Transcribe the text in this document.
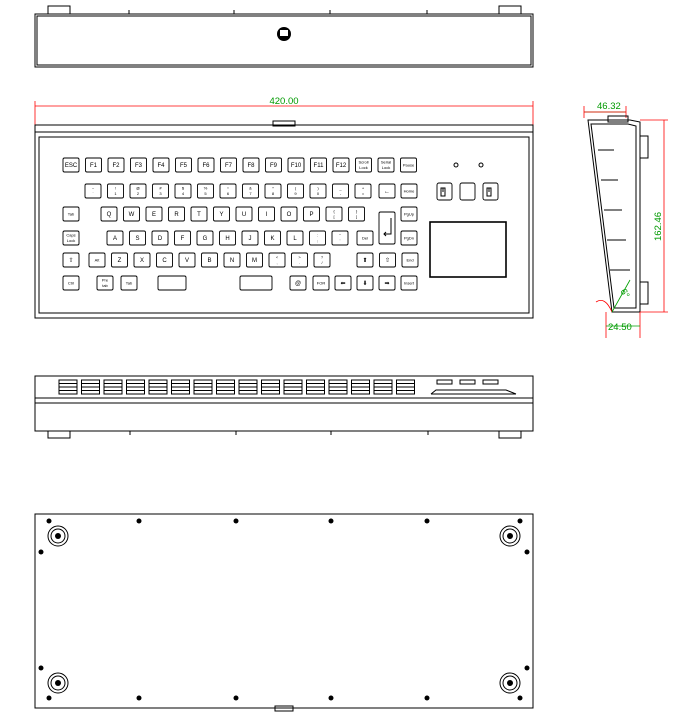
420.00
ESC F1	F2	F3	F4	F5	F6	F7	F8	F9 F10 F11 F12
Scroll
Lock
Serial
Lock
Pause
~
`
!
1
@
2
#
3
$
4
%
5
^
6
&
7
*
8
(
9
)
0
_
-
+
=	←	Home
Tab	Q	W	E	R	T	Y	U	I	O	P
{
[
}
]
PgUp
Caps
Lock	A	S	D	F	G	H	J	K	L
:
;
"
'
Del	PgDn
⇧	Alt	Z	X	C	V	B	N	M
<
,
>
.
?
/	⬆	⇧	End
Ctrl
Pre
tab
Tab	@	FOR	⬅	⬇	➡	Insert
46.32
162.46
24.50
6°
